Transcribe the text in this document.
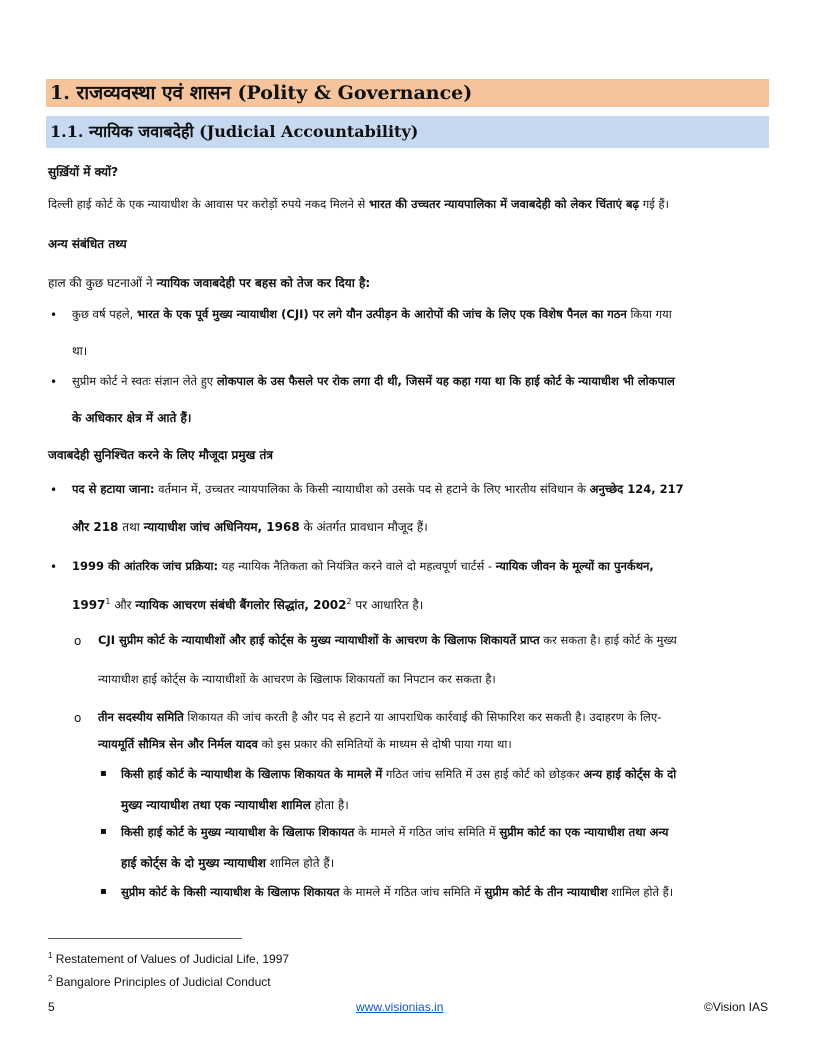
1. राजव्यवस्था एवं शासन (Polity & Governance)
1.1. न्यायिक जवाबदेही (Judicial Accountability)
सुर्ख़ियों में क्यों?
दिल्ली हाई कोर्ट के एक न्यायाधीश के आवास पर करोड़ों रुपये नकद मिलने से भारत की उच्चतर न्यायपालिका में जवाबदेही को लेकर चिंताएं बढ़ गई हैं।
अन्य संबंधित तथ्य
हाल की कुछ घटनाओं ने न्यायिक जवाबदेही पर बहस को तेज कर दिया है:
• कुछ वर्ष पहले, भारत के एक पूर्व मुख्य न्यायाधीश (CJI) पर लगे यौन उत्पीड़न के आरोपों की जांच के लिए एक विशेष पैनल का गठन किया गया
था।
• सुप्रीम कोर्ट ने स्वतः संज्ञान लेते हुए लोकपाल के उस फैसले पर रोक लगा दी थी, जिसमें यह कहा गया था कि हाई कोर्ट के न्यायाधीश भी लोकपाल
के अधिकार क्षेत्र में आते हैं।
जवाबदेही सुनिश्चित करने के लिए मौजूदा प्रमुख तंत्र
• पद से हटाया जाना: वर्तमान में, उच्चतर न्यायपालिका के किसी न्यायाधीश को उसके पद से हटाने के लिए भारतीय संविधान के अनुच्छेद 124, 217
और 218 तथा न्यायाधीश जांच अधिनियम, 1968 के अंतर्गत प्रावधान मौजूद हैं।
• 1999 की आंतरिक जांच प्रक्रिया: यह न्यायिक नैतिकता को नियंत्रित करने वाले दो महत्वपूर्ण चार्टर्स - न्यायिक जीवन के मूल्यों का पुनर्कथन,
1997$^1$ और न्यायिक आचरण संबंधी बैंगलोर सिद्धांत, 2002$^2$ पर आधारित है।
o CJI सुप्रीम कोर्ट के न्यायाधीशों और हाई कोर्ट्स के मुख्य न्यायाधीशों के आचरण के खिलाफ शिकायतें प्राप्त कर सकता है। हाई कोर्ट के मुख्य
न्यायाधीश हाई कोर्ट्स के न्यायाधीशों के आचरण के खिलाफ शिकायतों का निपटान कर सकता है।
o तीन सदस्यीय समिति शिकायत की जांच करती है और पद से हटाने या आपराधिक कार्रवाई की सिफारिश कर सकती है। उदाहरण के लिए-
न्यायमूर्ति सौमित्र सेन और निर्मल यादव को इस प्रकार की समितियों के माध्यम से दोषी पाया गया था।
▪ किसी हाई कोर्ट के न्यायाधीश के खिलाफ शिकायत के मामले में गठित जांच समिति में उस हाई कोर्ट को छोड़कर अन्य हाई कोर्ट्स के दो
मुख्य न्यायाधीश तथा एक न्यायाधीश शामिल होता है।
▪ किसी हाई कोर्ट के मुख्य न्यायाधीश के खिलाफ शिकायत के मामले में गठित जांच समिति में सुप्रीम कोर्ट का एक न्यायाधीश तथा अन्य
हाई कोर्ट्स के दो मुख्य न्यायाधीश शामिल होते हैं।
▪ सुप्रीम कोर्ट के किसी न्यायाधीश के खिलाफ शिकायत के मामले में गठित जांच समिति में सुप्रीम कोर्ट के तीन न्यायाधीश शामिल होते हैं।
$^1$ Restatement of Values of Judicial Life, 1997
$^2$ Bangalore Principles of Judicial Conduct
5	www.visionias.in	©Vision IAS
